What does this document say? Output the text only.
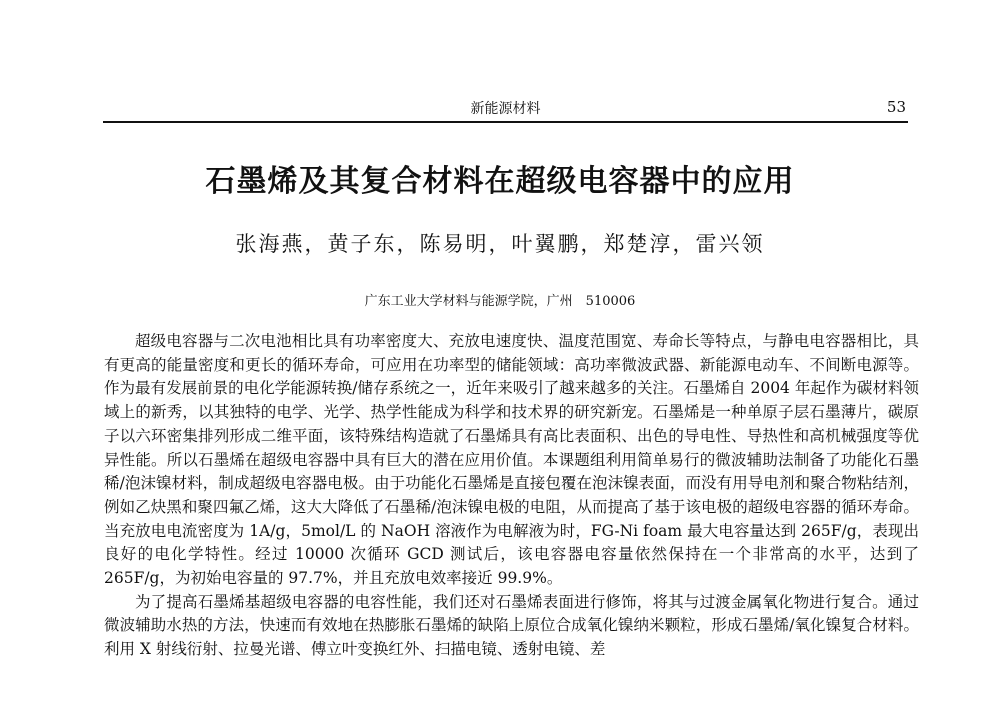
新能源材料	53
石墨烯及其复合材料在超级电容器中的应用
张海燕，黄子东，陈易明，叶翼鹏，郑楚淳，雷兴领
广东工业大学材料与能源学院，广州　510006

超级电容器与二次电池相比具有功率密度大、充放电速度快、温度范围宽、寿命长等特点，与静电电容器相比，具有更高的能量密度和更长的循环寿命，可应用在功率型的储能领域：高功率微波武器、新能源电动车、不间断电源等。作为最有发展前景的电化学能源转换/储存系统之一，近年来吸引了越来越多的关注。石墨烯自 2004 年起作为碳材料领域上的新秀，以其独特的电学、光学、热学性能成为科学和技术界的研究新宠。石墨烯是一种单原子层石墨薄片，碳原子以六环密集排列形成二维平面，该特殊结构造就了石墨烯具有高比表面积、出色的导电性、导热性和高机械强度等优异性能。所以石墨烯在超级电容器中具有巨大的潜在应用价值。本课题组利用简单易行的微波辅助法制备了功能化石墨稀/泡沫镍材料，制成超级电容器电极。由于功能化石墨烯是直接包覆在泡沫镍表面，而没有用导电剂和聚合物粘结剂，例如乙炔黑和聚四氟乙烯，这大大降低了石墨稀/泡沫镍电极的电阻，从而提高了基于该电极的超级电容器的循环寿命。当充放电电流密度为 1A/g，5mol/L 的 NaOH 溶液作为电解液为时，FG-Ni foam 最大电容量达到 265F/g，表现出良好的电化学特性。经过 10000 次循环 GCD 测试后，该电容器电容量依然保持在一个非常高的水平，达到了 265F/g，为初始电容量的 97.7%，并且充放电效率接近 99.9%。

为了提高石墨烯基超级电容器的电容性能，我们还对石墨烯表面进行修饰，将其与过渡金属氧化物进行复合。通过微波辅助水热的方法，快速而有效地在热膨胀石墨烯的缺陷上原位合成氧化镍纳米颗粒，形成石墨烯/氧化镍复合材料。利用 X 射线衍射、拉曼光谱、傅立叶变换红外、扫描电镜、透射电镜、差
